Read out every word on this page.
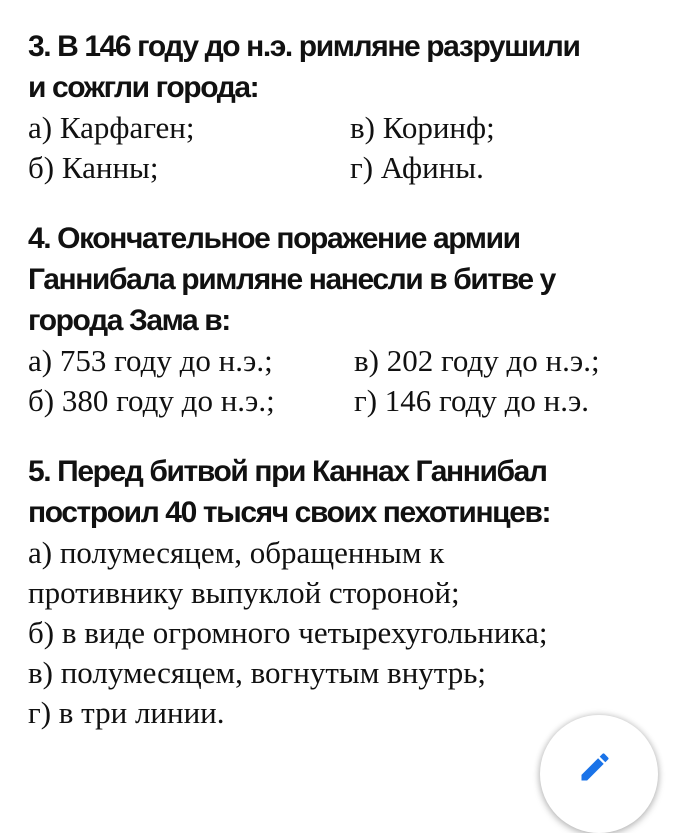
3. В 146 году до н.э. римляне разрушили
и сожгли города:
а) Карфаген;	в) Коринф;
б) Канны;	г) Афины.
4. Окончательное поражение армии
Ганнибала римляне нанесли в битве у
города Зама в:
а) 753 году до н.э.;	в) 202 году до н.э.;
б) 380 году до н.э.;	г) 146 году до н.э.
5. Перед битвой при Каннах Ганнибал
построил 40 тысяч своих пехотинцев:
а) полумесяцем, обращенным к
противнику выпуклой стороной;
б) в виде огромного четырехугольника;
в) полумесяцем, вогнутым внутрь;
г) в три линии.
